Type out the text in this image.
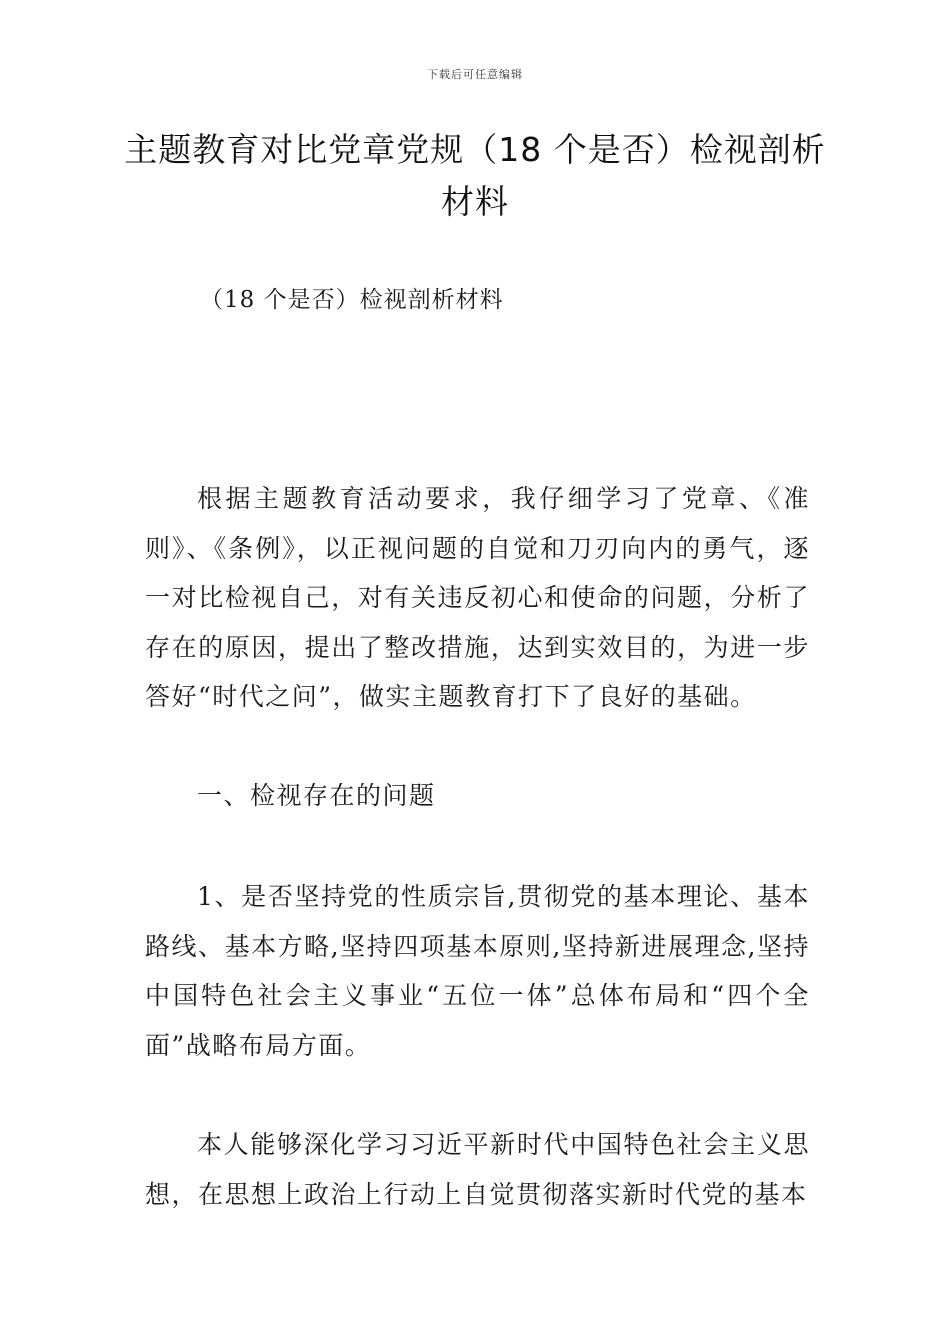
下载后可任意编辑
主题教育对比党章党规（18 个是否）检视剖析材料
（18 个是否）检视剖析材料
根据主题教育活动要求，我仔细学习了党章、《准则》、《条例》，以正视问题的自觉和刀刃向内的勇气，逐一对比检视自己，对有关违反初心和使命的问题，分析了存在的原因，提出了整改措施，达到实效目的，为进一步答好“时代之问”，做实主题教育打下了良好的基础。
一、检视存在的问题
1、是否坚持党的性质宗旨,贯彻党的基本理论、基本路线、基本方略,坚持四项基本原则,坚持新进展理念,坚持中国特色社会主义事业“五位一体”总体布局和“四个全面”战略布局方面。
本人能够深化学习习近平新时代中国特色社会主义思想，在思想上政治上行动上自觉贯彻落实新时代党的基本
